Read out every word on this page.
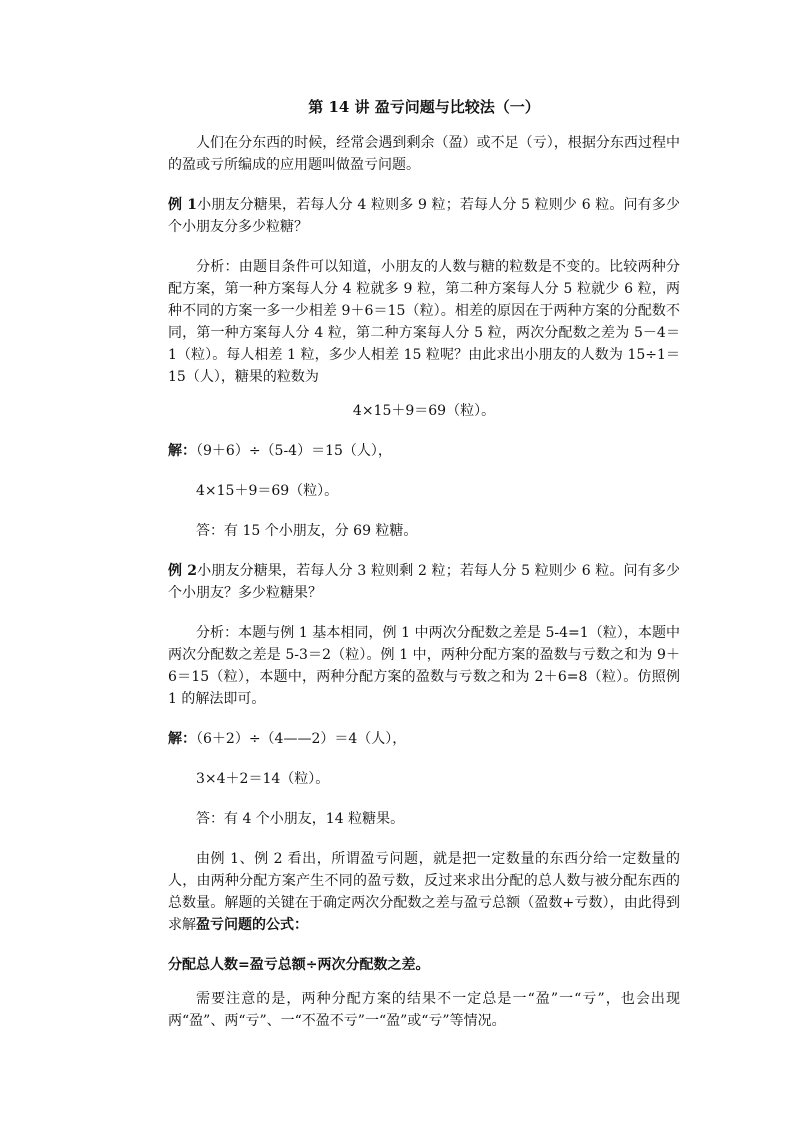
第 14 讲 盈亏问题与比较法（一）

人们在分东西的时候，经常会遇到剩余（盈）或不足（亏），根据分东西过程中的盈或亏所编成的应用题叫做盈亏问题。

例 1小朋友分糖果，若每人分 4 粒则多 9 粒；若每人分 5 粒则少 6 粒。问有多少个小朋友分多少粒糖？

分析：由题目条件可以知道，小朋友的人数与糖的粒数是不变的。比较两种分配方案，第一种方案每人分 4 粒就多 9 粒，第二种方案每人分 5 粒就少 6 粒，两种不同的方案一多一少相差 9＋6＝15（粒）。相差的原因在于两种方案的分配数不同，第一种方案每人分 4 粒，第二种方案每人分 5 粒，两次分配数之差为 5－4＝1（粒）。每人相差 1 粒，多少人相差 15 粒呢？由此求出小朋友的人数为 15÷1＝15（人），糖果的粒数为

4×15＋9＝69（粒）。

解：（9＋6）÷（5-4）＝15（人），

4×15＋9＝69（粒）。

答：有 15 个小朋友，分 69 粒糖。

例 2小朋友分糖果，若每人分 3 粒则剩 2 粒；若每人分 5 粒则少 6 粒。问有多少个小朋友？多少粒糖果？

分析：本题与例 1 基本相同，例 1 中两次分配数之差是 5-4=1（粒），本题中两次分配数之差是 5-3＝2（粒）。例 1 中，两种分配方案的盈数与亏数之和为 9＋6＝15（粒），本题中，两种分配方案的盈数与亏数之和为 2＋6=8（粒）。仿照例 1 的解法即可。

解：（6＋2）÷（4——2）＝4（人），

3×4＋2＝14（粒）。

答：有 4 个小朋友，14 粒糖果。

由例 1、例 2 看出，所谓盈亏问题，就是把一定数量的东西分给一定数量的人，由两种分配方案产生不同的盈亏数，反过来求出分配的总人数与被分配东西的总数量。解题的关键在于确定两次分配数之差与盈亏总额（盈数+亏数），由此得到求解盈亏问题的公式：

分配总人数=盈亏总额÷两次分配数之差。

需要注意的是，两种分配方案的结果不一定总是一“盈”一“亏”，也会出现两“盈”、两“亏”、一“不盈不亏”一“盈”或“亏”等情况。
